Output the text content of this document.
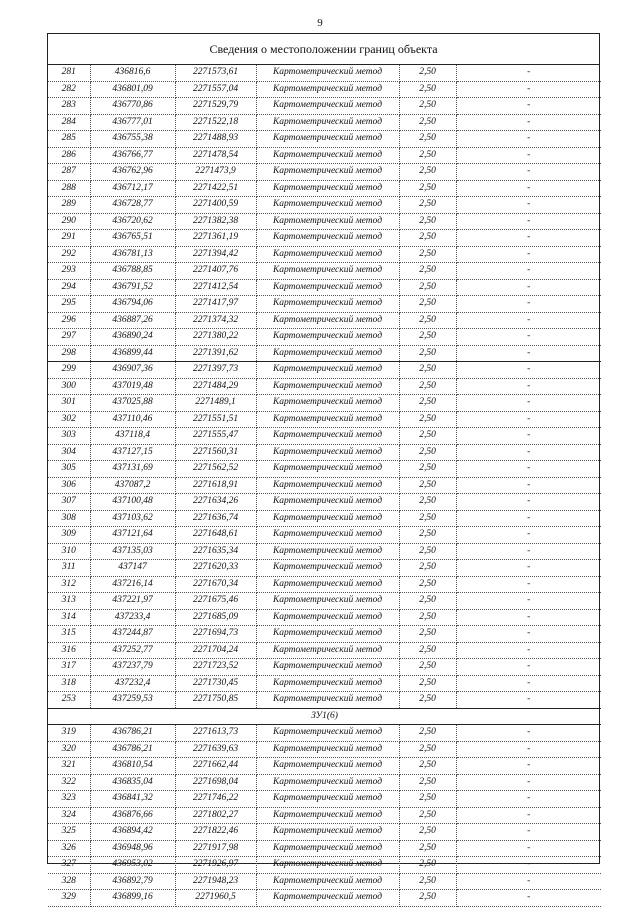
9
Сведения о местоположении границ объекта
281	436816,6	2271573,61	Картометрический метод	2,50	-
282	436801,09	2271557,04	Картометрический метод	2,50	-
283	436770,86	2271529,79	Картометрический метод	2,50	-
284	436777,01	2271522,18	Картометрический метод	2,50	-
285	436755,38	2271488,93	Картометрический метод	2,50	-
286	436766,77	2271478,54	Картометрический метод	2,50	-
287	436762,96	2271473,9	Картометрический метод	2,50	-
288	436712,17	2271422,51	Картометрический метод	2,50	-
289	436728,77	2271400,59	Картометрический метод	2,50	-
290	436720,62	2271382,38	Картометрический метод	2,50	-
291	436765,51	2271361,19	Картометрический метод	2,50	-
292	436781,13	2271394,42	Картометрический метод	2,50	-
293	436788,85	2271407,76	Картометрический метод	2,50	-
294	436791,52	2271412,54	Картометрический метод	2,50	-
295	436794,06	2271417,97	Картометрический метод	2,50	-
296	436887,26	2271374,32	Картометрический метод	2,50	-
297	436890,24	2271380,22	Картометрический метод	2,50	-
298	436899,44	2271391,62	Картометрический метод	2,50	-
299	436907,36	2271397,73	Картометрический метод	2,50	-
300	437019,48	2271484,29	Картометрический метод	2,50	-
301	437025,88	2271489,1	Картометрический метод	2,50	-
302	437110,46	2271551,51	Картометрический метод	2,50	-
303	437118,4	2271555,47	Картометрический метод	2,50	-
304	437127,15	2271560,31	Картометрический метод	2,50	-
305	437131,69	2271562,52	Картометрический метод	2,50	-
306	437087,2	2271618,91	Картометрический метод	2,50	-
307	437100,48	2271634,26	Картометрический метод	2,50	-
308	437103,62	2271636,74	Картометрический метод	2,50	-
309	437121,64	2271648,61	Картометрический метод	2,50	-
310	437135,03	2271635,34	Картометрический метод	2,50	-
311	437147	2271620,33	Картометрический метод	2,50	-
312	437216,14	2271670,34	Картометрический метод	2,50	-
313	437221,97	2271675,46	Картометрический метод	2,50	-
314	437233,4	2271685,09	Картометрический метод	2,50	-
315	437244,87	2271694,73	Картометрический метод	2,50	-
316	437252,77	2271704,24	Картометрический метод	2,50	-
317	437237,79	2271723,52	Картометрический метод	2,50	-
318	437232,4	2271730,45	Картометрический метод	2,50	-
253	437259,53	2271750,85	Картометрический метод	2,50	-
ЗУ1(6)					
319	436786,21	2271613,73	Картометрический метод	2,50	-
320	436786,21	2271639,63	Картометрический метод	2,50	-
321	436810,54	2271662,44	Картометрический метод	2,50	-
322	436835,04	2271698,04	Картометрический метод	2,50	-
323	436841,32	2271746,22	Картометрический метод	2,50	-
324	436876,66	2271802,27	Картометрический метод	2,50	-
325	436894,42	2271822,46	Картометрический метод	2,50	-
326	436948,96	2271917,98	Картометрический метод	2,50	-
327	436953,02	2271926,97	Картометрический метод	2,50	-
328	436892,79	2271948,23	Картометрический метод	2,50	-
329	436899,16	2271960,5	Картометрический метод	2,50	-
